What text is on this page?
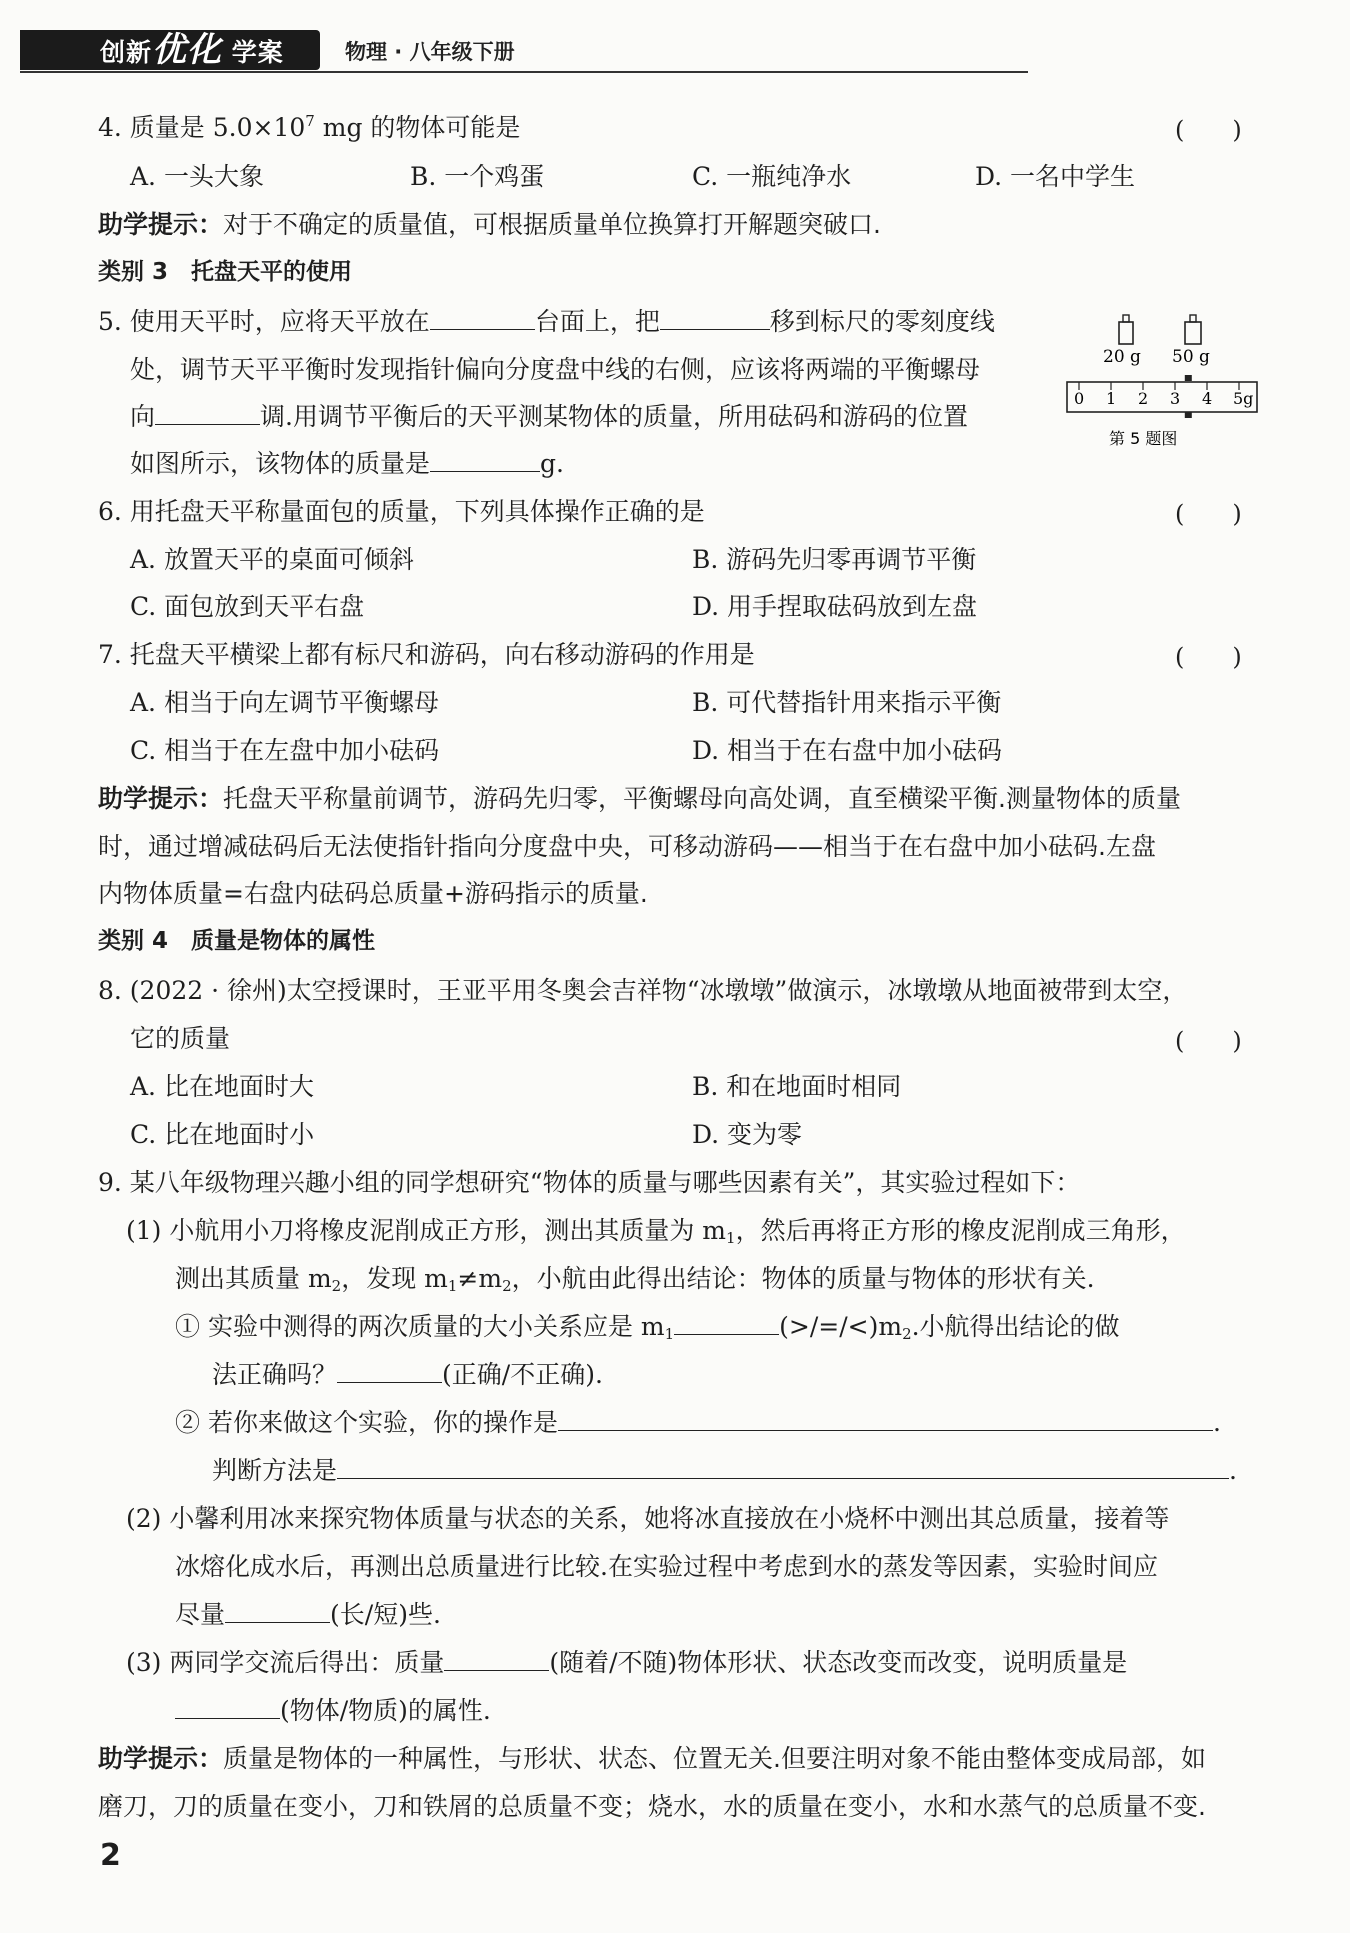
创新优化 学案	物理 · 八年级下册
4. 质量是 $5.0\times 10^7$ mg 的物体可能是	(　　)
A. 一头大象	B. 一个鸡蛋	C. 一瓶纯净水	D. 一名中学生
助学提示：对于不确定的质量值，可根据质量单位换算打开解题突破口.
类别 3　托盘天平的使用
5. 使用天平时，应将天平放在	台面上，把	移到标尺的零刻度线
处，调节天平平衡时发现指针偏向分度盘中线的右侧，应该将两端的平衡螺母
向	调.用调节平衡后的天平测某物体的质量，所用砝码和游码的位置
如图所示，该物体的质量是	g.
20 g 50 g
0 1 2 3 4 5g
第 5 题图
6. 用托盘天平称量面包的质量，下列具体操作正确的是	(　　)
A. 放置天平的桌面可倾斜	B. 游码先归零再调节平衡
C. 面包放到天平右盘	D. 用手捏取砝码放到左盘
7. 托盘天平横梁上都有标尺和游码，向右移动游码的作用是	(　　)
A. 相当于向左调节平衡螺母	B. 可代替指针用来指示平衡
C. 相当于在左盘中加小砝码	D. 相当于在右盘中加小砝码
助学提示：托盘天平称量前调节，游码先归零，平衡螺母向高处调，直至横梁平衡.测量物体的质量
时，通过增减砝码后无法使指针指向分度盘中央，可移动游码——相当于在右盘中加小砝码.左盘
内物体质量=右盘内砝码总质量+游码指示的质量.
类别 4　质量是物体的属性
8. (2022 · 徐州)太空授课时，王亚平用冬奥会吉祥物“冰墩墩”做演示，冰墩墩从地面被带到太空，
它的质量	(　　)
A. 比在地面时大	B. 和在地面时相同
C. 比在地面时小	D. 变为零
9. 某八年级物理兴趣小组的同学想研究“物体的质量与哪些因素有关”，其实验过程如下：
(1) 小航用小刀将橡皮泥削成正方形，测出其质量为 $m_1$，然后再将正方形的橡皮泥削成三角形，
测出其质量 $m_2$，发现 $m_1\ne m_2$，小航由此得出结论：物体的质量与物体的形状有关.
① 实验中测得的两次质量的大小关系应是 $m_1$	$(>/=/<)m_2$.小航得出结论的做
法正确吗？	(正确/不正确).
② 若你来做这个实验，你的操作是	.
判断方法是	.
(2) 小馨利用冰来探究物体质量与状态的关系，她将冰直接放在小烧杯中测出其总质量，接着等
冰熔化成水后，再测出总质量进行比较.在实验过程中考虑到水的蒸发等因素，实验时间应
尽量	(长/短)些.
(3) 两同学交流后得出：质量	(随着/不随)物体形状、状态改变而改变，说明质量是
(物体/物质)的属性.
助学提示：质量是物体的一种属性，与形状、状态、位置无关.但要注明对象不能由整体变成局部，如
磨刀，刀的质量在变小，刀和铁屑的总质量不变；烧水，水的质量在变小，水和水蒸气的总质量不变.
2
